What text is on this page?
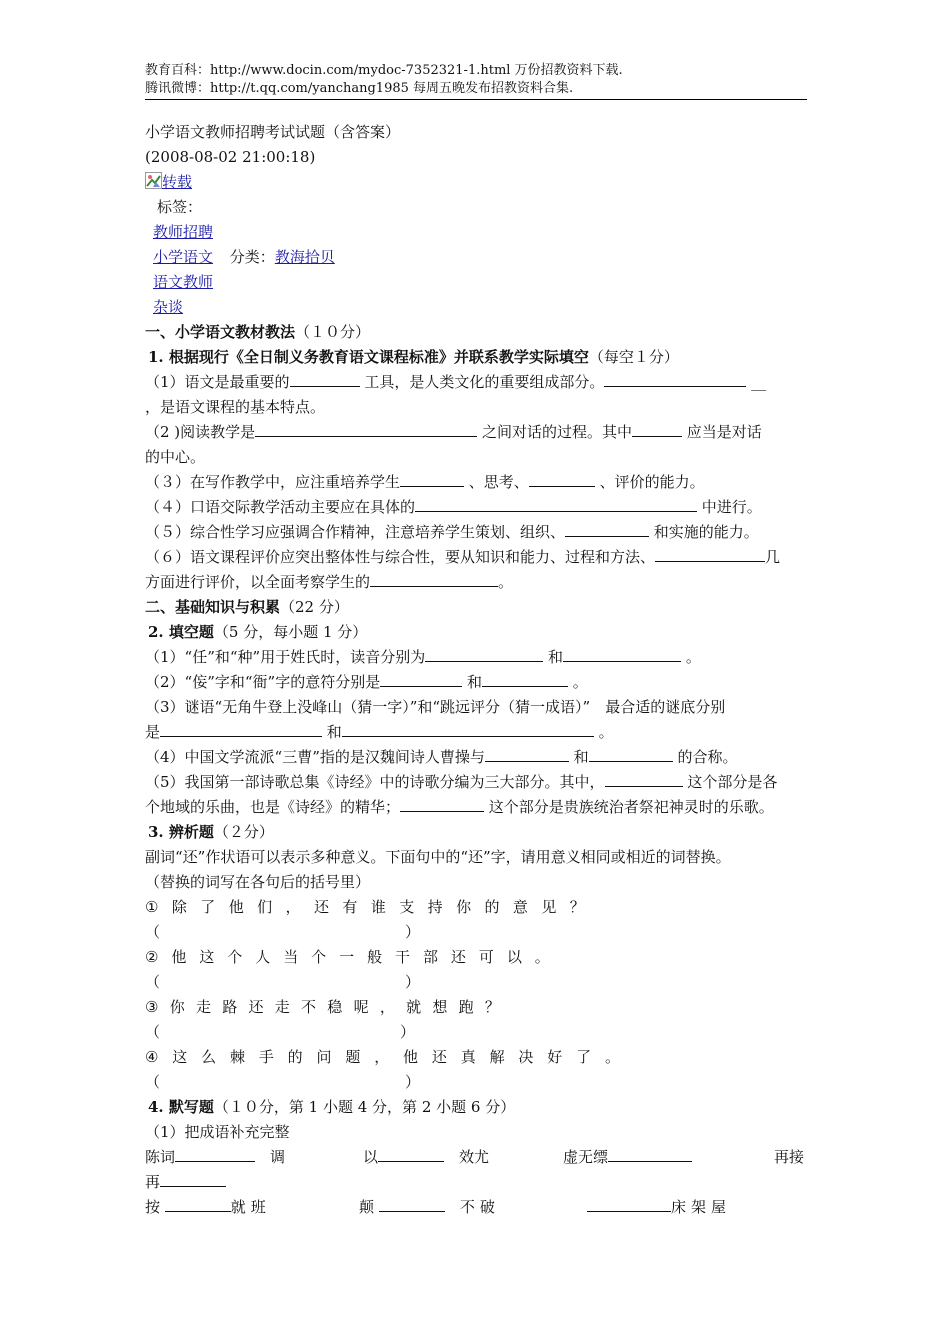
教育百科：http://www.docin.com/mydoc-7352321-1.html 万份招教资料下载.
腾讯微博：http://t.qq.com/yanchang1985 每周五晚发布招教资料合集.
小学语文教师招聘考试试题（含答案）
(2008-08-02 21:00:18)
转载
标签：
教师招聘
小学语文 分类：教海拾贝
语文教师
杂谈
一、小学语文教材教法（１０分）
1. 根据现行《全日制义务教育语文课程标准》并联系教学实际填空（每空１分）
（1）语文是最重要的	工具，是人类文化的重要组成部分。	__
，是语文课程的基本特点。
（2 )阅读教学是	之间对话的过程。其中	应当是对话
的中心。
（３）在写作教学中，应注重培养学生	、思考、	、评价的能力。
（４）口语交际教学活动主要应在具体的	中进行。
（５）综合性学习应强调合作精神，注意培养学生策划、组织、	和实施的能力。
（６）语文课程评价应突出整体性与综合性，要从知识和能力、过程和方法、	几
方面进行评价，以全面考察学生的	。
二、基础知识与积累（22 分）
2. 填空题（5 分，每小题 1 分）
（1）“任”和“种”用于姓氏时，读音分别为	和	。
（2）“侫”字和“衙”字的意符分别是	和	。
（3）谜语“无角牛登上没峰山（猜一字）”和“跳远评分（猜一成语）”　最合适的谜底分别
是	和	。
（4）中国文学流派“三曹”指的是汉魏间诗人曹操与	和	的合称。
（5）我国第一部诗歌总集《诗经》中的诗歌分编为三大部分。其中，	这个部分是各
个地域的乐曲，也是《诗经》的精华；	这个部分是贵族统治者祭祀神灵时的乐歌。
3. 辨析题（２分）
副词“还”作状语可以表示多种意义。下面句中的“还”字，请用意义相同或相近的词替换。
（替换的词写在各句后的括号里）
① 除 了 他 们 ， 还 有 谁 支 持 你 的 意 见 ？
（	）
② 他 这 个 人 当 个 一 般 干 部 还 可 以 。
（	）
③ 你 走 路 还 走 不 稳 呢 ， 就 想 跑 ？
（	）
④ 这 么 棘 手 的 问 题 ， 他 还 真 解 决 好 了 。
（	）
4. 默写题（１０分，第 1 小题 4 分，第 2 小题 6 分）
（1）把成语补充完整
陈词　	调	以　	效尤	虚无缥	再接
再
按	就班	颠 　	不破	床架屋
